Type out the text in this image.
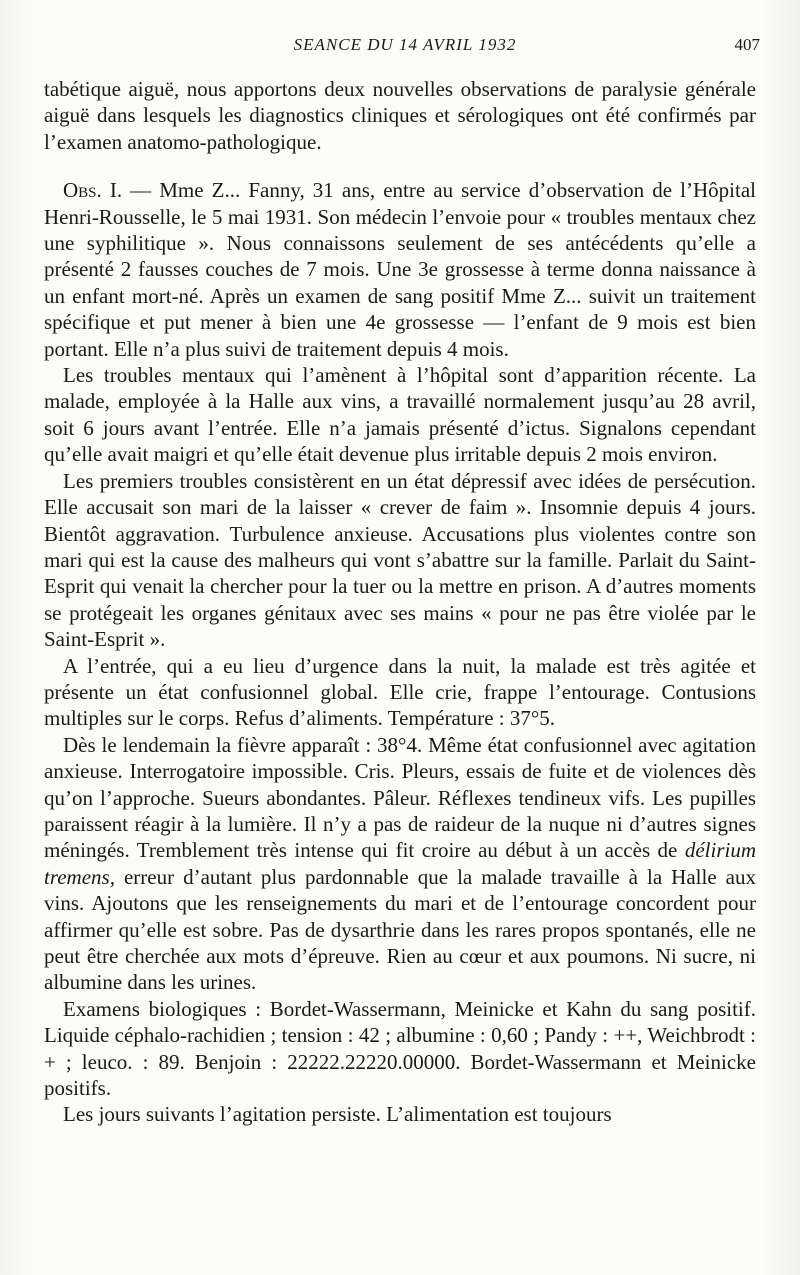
SEANCE DU 14 AVRIL 1932	407

tabétique aiguë, nous apportons deux nouvelles observations de paralysie générale aiguë dans lesquels les diagnostics cliniques et sérologiques ont été confirmés par l’examen anatomo-pathologique.

Obs. I. — Mme Z... Fanny, 31 ans, entre au service d’observation de l’Hôpital Henri-Rousselle, le 5 mai 1931. Son médecin l’envoie pour « troubles mentaux chez une syphilitique ». Nous connaissons seulement de ses antécédents qu’elle a présenté 2 fausses couches de 7 mois. Une 3e grossesse à terme donna naissance à un enfant mort-né. Après un examen de sang positif Mme Z... suivit un traitement spécifique et put mener à bien une 4e grossesse — l’enfant de 9 mois est bien portant. Elle n’a plus suivi de traitement depuis 4 mois.

Les troubles mentaux qui l’amènent à l’hôpital sont d’apparition récente. La malade, employée à la Halle aux vins, a travaillé normalement jusqu’au 28 avril, soit 6 jours avant l’entrée. Elle n’a jamais présenté d’ictus. Signalons cependant qu’elle avait maigri et qu’elle était devenue plus irritable depuis 2 mois environ.

Les premiers troubles consistèrent en un état dépressif avec idées de persécution. Elle accusait son mari de la laisser « crever de faim ». Insomnie depuis 4 jours. Bientôt aggravation. Turbulence anxieuse. Accusations plus violentes contre son mari qui est la cause des malheurs qui vont s’abattre sur la famille. Parlait du Saint-Esprit qui venait la chercher pour la tuer ou la mettre en prison. A d’autres moments se protégeait les organes génitaux avec ses mains « pour ne pas être violée par le Saint-Esprit ».

A l’entrée, qui a eu lieu d’urgence dans la nuit, la malade est très agitée et présente un état confusionnel global. Elle crie, frappe l’entourage. Contusions multiples sur le corps. Refus d’aliments. Température : 37°5.

Dès le lendemain la fièvre apparaît : 38°4. Même état confusionnel avec agitation anxieuse. Interrogatoire impossible. Cris. Pleurs, essais de fuite et de violences dès qu’on l’approche. Sueurs abondantes. Pâleur. Réflexes tendineux vifs. Les pupilles paraissent réagir à la lumière. Il n’y a pas de raideur de la nuque ni d’autres signes méningés. Tremblement très intense qui fit croire au début à un accès de délirium tremens, erreur d’autant plus pardonnable que la malade travaille à la Halle aux vins. Ajoutons que les renseignements du mari et de l’entourage concordent pour affirmer qu’elle est sobre. Pas de dysarthrie dans les rares propos spontanés, elle ne peut être cherchée aux mots d’épreuve. Rien au cœur et aux poumons. Ni sucre, ni albumine dans les urines.

Examens biologiques : Bordet-Wassermann, Meinicke et Kahn du sang positif. Liquide céphalo-rachidien ; tension : 42 ; albumine : 0,60 ; Pandy : ++, Weichbrodt : + ; leuco. : 89. Benjoin : 22222.22220.00000. Bordet-Wassermann et Meinicke positifs.

Les jours suivants l’agitation persiste. L’alimentation est toujours
